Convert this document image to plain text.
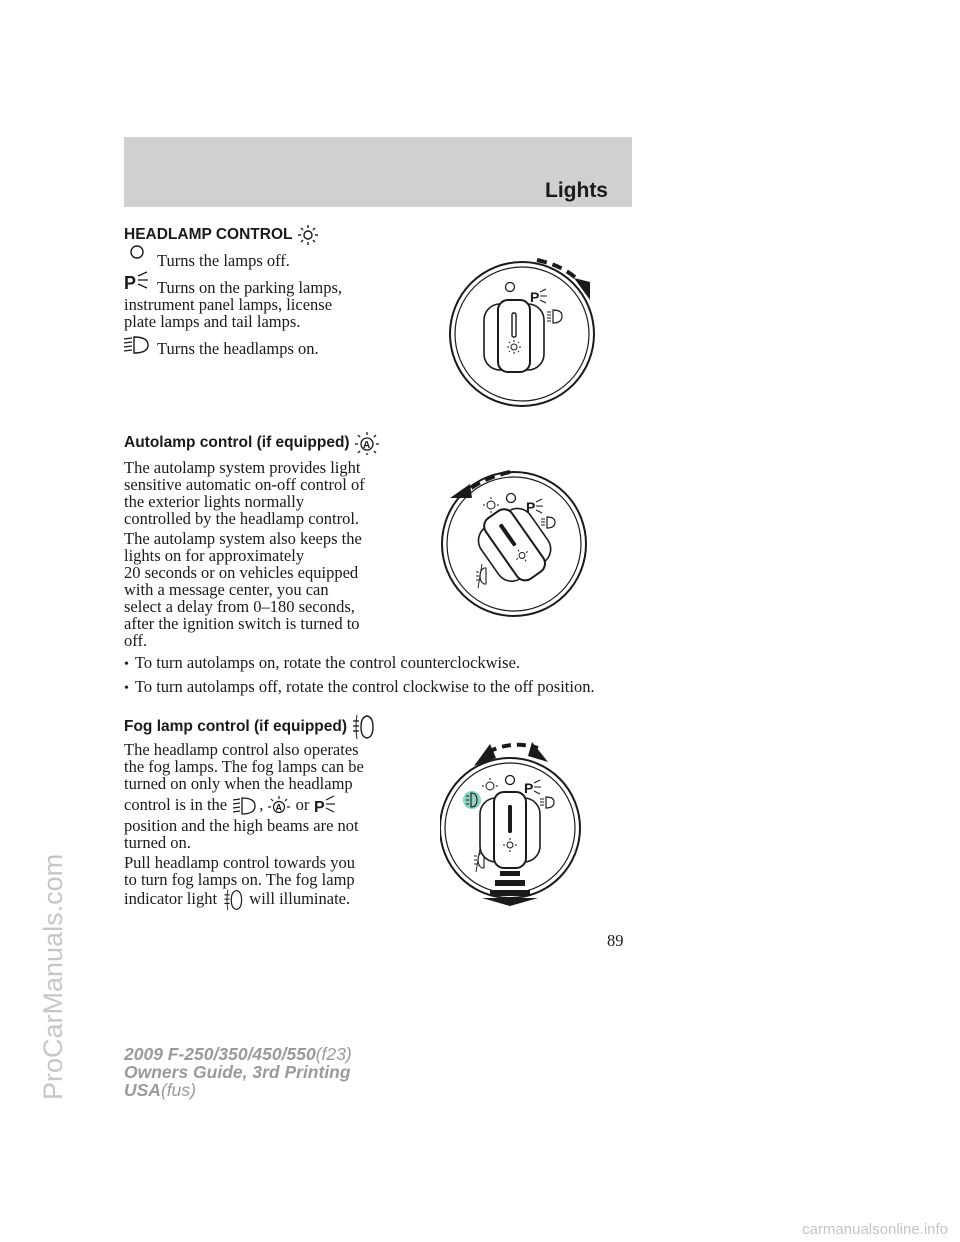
Lights
HEADLAMP CONTROL
Turns the lamps off.
P Turns on the parking lamps,
instrument panel lamps, license
plate lamps and tail lamps.
Turns the headlamps on.
P
Autolamp control (if equipped) A
The autolamp system provides light
sensitive automatic on-off control of
the exterior lights normally
controlled by the headlamp control.
The autolamp system also keeps the
lights on for approximately
20 seconds or on vehicles equipped
with a message center, you can
select a delay from 0–180 seconds,
after the ignition switch is turned to
off.
• To turn autolamps on, rotate the control counterclockwise.
• To turn autolamps off, rotate the control clockwise to the off position.
P
Fog lamp control (if equipped)
The headlamp control also operates
the fog lamps. The fog lamps can be
turned on only when the headlamp
control is in the , A or P
position and the high beams are not
turned on.
Pull headlamp control towards you
to turn fog lamps on. The fog lamp
indicator light will illuminate.
P
89
2009 F-250/350/450/550(f23)
Owners Guide, 3rd Printing
USA(fus)
ProCarManuals.com
carmanualsonline.info
